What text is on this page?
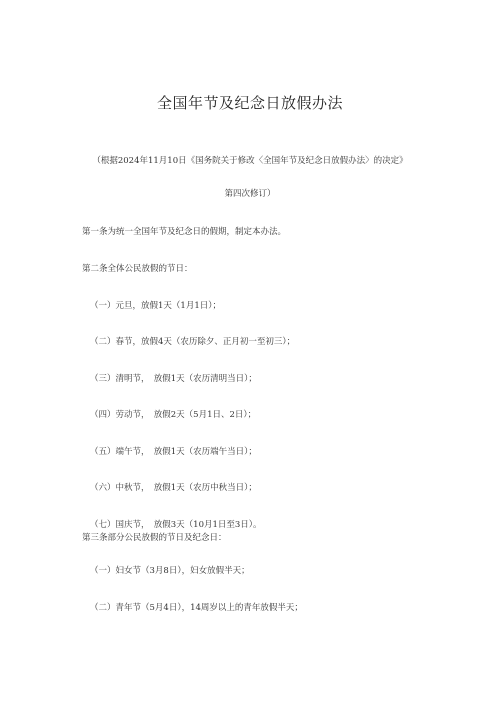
全国年节及纪念日放假办法
（根据2024年11月10日《国务院关于修改〈全国年节及纪念日放假办法〉的决定》
第四次修订）
第一条为统一全国年节及纪念日的假期，制定本办法。
第二条全体公民放假的节日：
（一）元旦，放假1天（1月1日）；
（二）春节，放假4天（农历除夕、正月初一至初三）；
（三）清明节，　放假1天（农历清明当日）；
（四）劳动节，　放假2天（5月1日、2日）；
（五）端午节，　放假1天（农历端午当日）；
（六）中秋节，　放假1天（农历中秋当日）；
（七）国庆节，　放假3天（10月1日至3日）。
第三条部分公民放假的节日及纪念日：
（一）妇女节（3月8日），妇女放假半天；
（二）青年节（5月4日），14周岁以上的青年放假半天；
